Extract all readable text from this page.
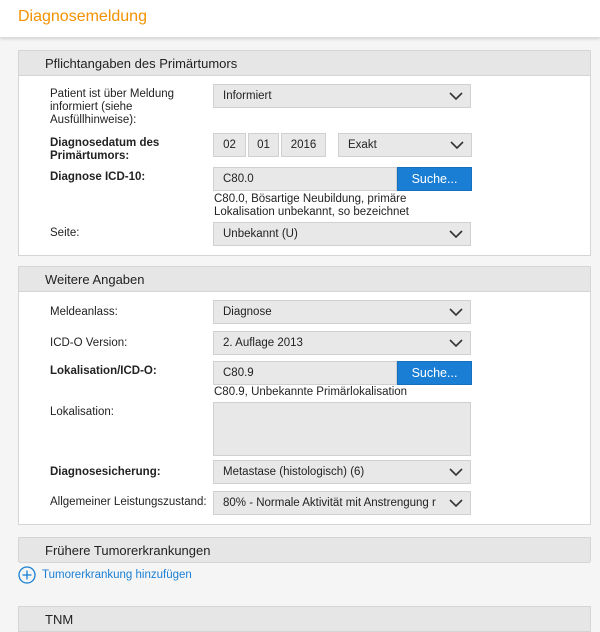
Diagnosemeldung
Pflichtangaben des Primärtumors
Patient ist über Meldung
informiert (siehe
Ausfüllhinweise):
Informiert
Diagnosedatum des
Primärtumors:
02	01	2016	Exakt
Diagnose ICD-10:	C80.0	Suche...
C80.0, Bösartige Neubildung, primäre
Lokalisation unbekannt, so bezeichnet
Seite:	Unbekannt (U)
Weitere Angaben
Meldeanlass:	Diagnose
ICD-O Version:	2. Auflage 2013
Lokalisation/ICD-O:	C80.9	Suche...
C80.9, Unbekannte Primärlokalisation
Lokalisation:
Diagnosesicherung:	Metastase (histologisch) (6)
Allgemeiner Leistungszustand: 80% - Normale Aktivität mit Anstrengung r
Frühere Tumorerkrankungen
Tumorerkrankung hinzufügen
TNM
